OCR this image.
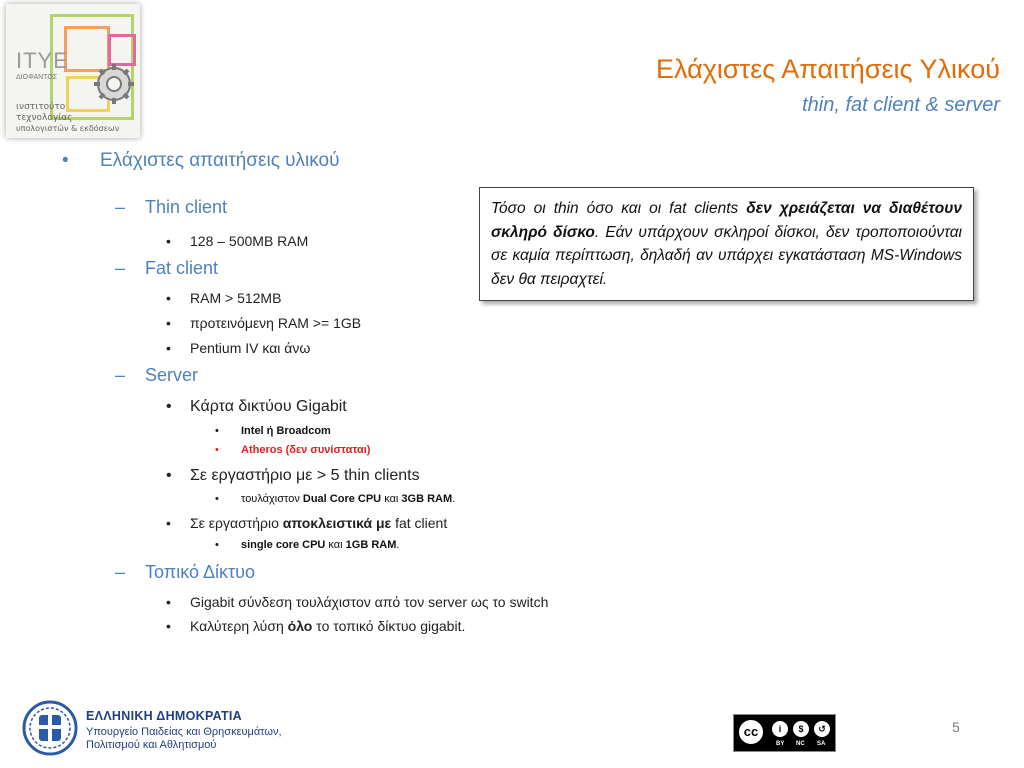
ITYE
ΔΙΟΦΑΝΤΟΣ
ινστιτούτο
τεχνολογίας
υπολογιστών & εκδόσεων
Ελάχιστες Απαιτήσεις Υλικού
thin, fat client & server
• Ελάχιστες απαιτήσεις υλικού
– Thin client
• 128 – 500MB RAM
– Fat client
• RAM > 512MB
• προτεινόμενη RAM >= 1GB
• Pentium IV και άνω
– Server
• Κάρτα δικτύου Gigabit
• Intel ή Broadcom
• Atheros (δεν συνίσταται)
• Σε εργαστήριο με > 5 thin clients
• τουλάχιστον Dual Core CPU και 3GB RAM.
• Σε εργαστήριο αποκλειστικά με fat client
• single core CPU και 1GB RAM.
– Τοπικό Δίκτυο
• Gigabit σύνδεση τουλάχιστον από τον server ως το switch
• Καλύτερη λύση όλο το τοπικό δίκτυο gigabit.
Τόσο οι thin όσο και οι fat clients δεν χρειάζεται να διαθέτουν σκληρό δίσκο. Εάν υπάρχουν σκληροί δίσκοι, δεν τροποποιούνται σε καμία περίπτωση, δηλαδή αν υπάρχει εγκατάσταση MS-Windows δεν θα πειραχτεί.
ΕΛΛΗΝΙΚΗ ΔΗΜΟΚΡΑΤΙΑ
Υπουργείο Παιδείας και Θρησκευμάτων,
Πολιτισμού και Αθλητισμού
cc	i	$	↺
BY NC SA
5
